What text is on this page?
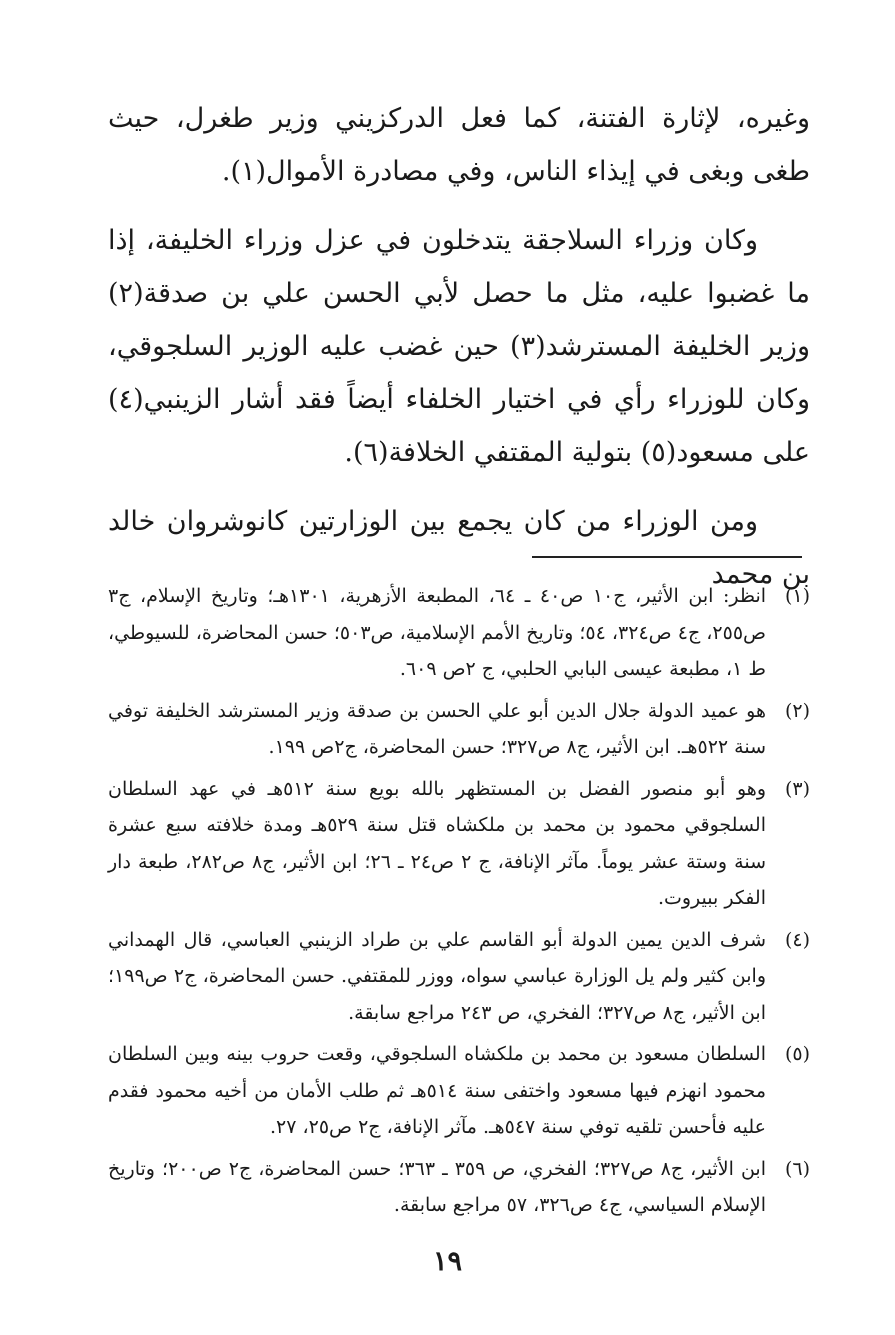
وغيره، لإثارة الفتنة، كما فعل الدركزيني وزير طغرل، حيث طغى وبغى في إيذاء الناس، وفي مصادرة الأموال(١).

وكان وزراء السلاجقة يتدخلون في عزل وزراء الخليفة، إذا ما غضبوا عليه، مثل ما حصل لأبي الحسن علي بن صدقة(٢) وزير الخليفة المسترشد(٣) حين غضب عليه الوزير السلجوقي، وكان للوزراء رأي في اختيار الخلفاء أيضاً فقد أشار الزينبي(٤) على مسعود(٥) بتولية المقتفي الخلافة(٦).

ومن الوزراء من كان يجمع بين الوزارتين كانوشروان خالد بن محمد

(١)
انظر: ابن الأثير، ج١٠ ص٤٠ ـ ٦٤، المطبعة الأزهرية، ١٣٠١هـ؛ وتاريخ الإسلام، ج٣ ص٢٥٥، ج٤ ص٣٢٤، ٥٤؛ وتاريخ الأمم الإسلامية، ص٥٠٣؛ حسن المحاضرة، للسيوطي، ط ١، مطبعة عيسى البابي الحلبي، ج ٢ص ٦٠٩.
(٢)
هو عميد الدولة جلال الدين أبو علي الحسن بن صدقة وزير المسترشد الخليفة توفي سنة ٥٢٢هـ. ابن الأثير، ج٨ ص٣٢٧؛ حسن المحاضرة، ج٢ص ١٩٩.
(٣)
وهو أبو منصور الفضل بن المستظهر بالله بويع سنة ٥١٢هـ في عهد السلطان السلجوقي محمود بن محمد بن ملكشاه قتل سنة ٥٢٩هـ ومدة خلافته سبع عشرة سنة وستة عشر يوماً. مآثر الإنافة، ج ٢ ص٢٤ ـ ٢٦؛ ابن الأثير، ج٨ ص٢٨٢، طبعة دار الفكر ببيروت.
(٤)
شرف الدين يمين الدولة أبو القاسم علي بن طراد الزينبي العباسي، قال الهمداني وابن كثير ولم يل الوزارة عباسي سواه، ووزر للمقتفي. حسن المحاضرة، ج٢ ص١٩٩؛ ابن الأثير، ج٨ ص٣٢٧؛ الفخري، ص ٢٤٣ مراجع سابقة.
(٥)
السلطان مسعود بن محمد بن ملكشاه السلجوقي، وقعت حروب بينه وبين السلطان محمود انهزم فيها مسعود واختفى سنة ٥١٤هـ ثم طلب الأمان من أخيه محمود فقدم عليه فأحسن تلقيه توفي سنة ٥٤٧هـ. مآثر الإنافة، ج٢ ص٢٥، ٢٧.
(٦)
ابن الأثير، ج٨ ص٣٢٧؛ الفخري، ص ٣٥٩ ـ ٣٦٣؛ حسن المحاضرة، ج٢ ص٢٠٠؛ وتاريخ الإسلام السياسي، ج٤ ص٣٢٦، ٥٧ مراجع سابقة.
١٩
